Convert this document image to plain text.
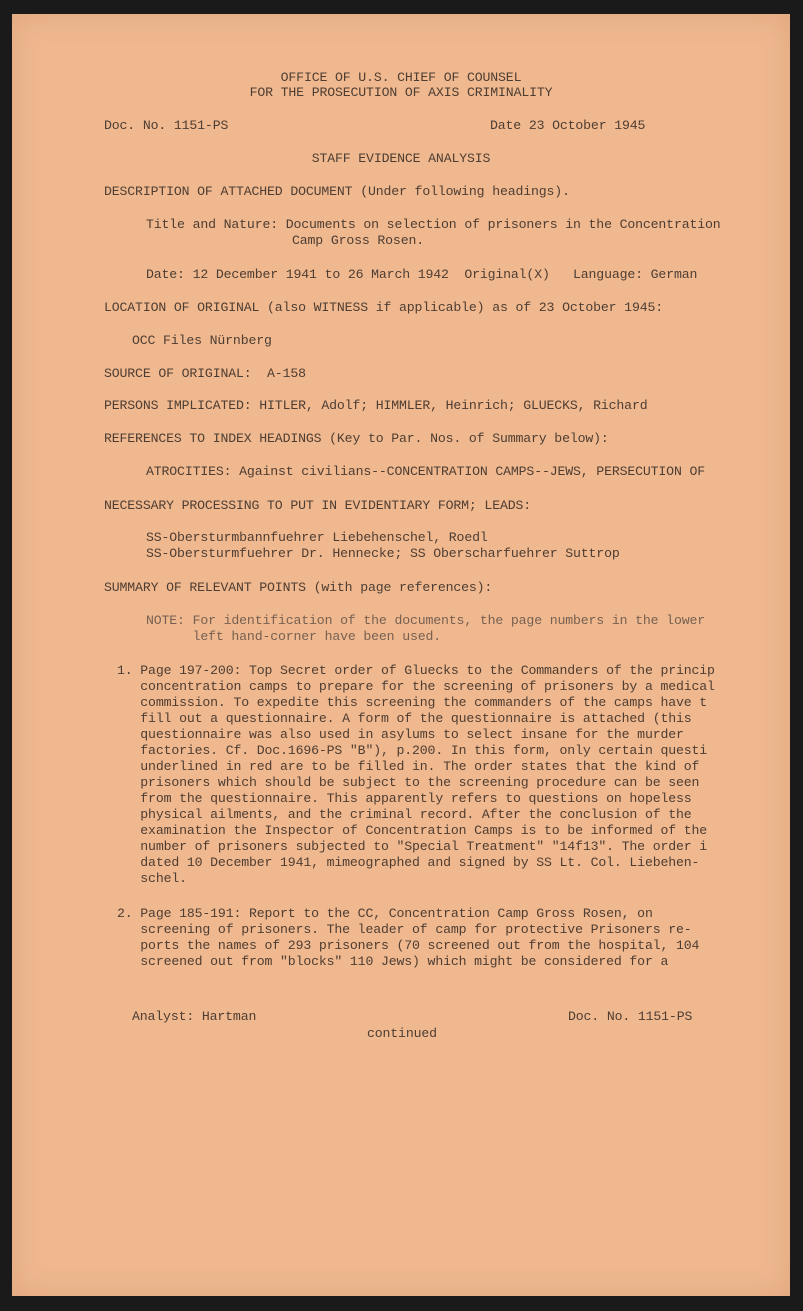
OFFICE OF U.S. CHIEF OF COUNSEL
FOR THE PROSECUTION OF AXIS CRIMINALITY
Doc. No. 1151-PS	Date 23 October 1945
STAFF EVIDENCE ANALYSIS
DESCRIPTION OF ATTACHED DOCUMENT (Under following headings).
Title and Nature: Documents on selection of prisoners in the Concentration
Camp Gross Rosen.
Date: 12 December 1941 to 26 March 1942  Original(X)   Language: German
LOCATION OF ORIGINAL (also WITNESS if applicable) as of 23 October 1945:
OCC Files Nürnberg
SOURCE OF ORIGINAL:  A-158
PERSONS IMPLICATED: HITLER, Adolf; HIMMLER, Heinrich; GLUECKS, Richard
REFERENCES TO INDEX HEADINGS (Key to Par. Nos. of Summary below):
ATROCITIES: Against civilians--CONCENTRATION CAMPS--JEWS, PERSECUTION OF
NECESSARY PROCESSING TO PUT IN EVIDENTIARY FORM; LEADS:
SS-Obersturmbannfuehrer Liebehenschel, Roedl
SS-Obersturmfuehrer Dr. Hennecke; SS Oberscharfuehrer Suttrop
SUMMARY OF RELEVANT POINTS (with page references):
NOTE: For identification of the documents, the page numbers in the lower
left hand-corner have been used.
1. Page 197-200: Top Secret order of Gluecks to the Commanders of the princip
concentration camps to prepare for the screening of prisoners by a medical
commission. To expedite this screening the commanders of the camps have t
fill out a questionnaire. A form of the questionnaire is attached (this
questionnaire was also used in asylums to select insane for the murder
factories. Cf. Doc.1696-PS "B"), p.200. In this form, only certain questi
underlined in red are to be filled in. The order states that the kind of
prisoners which should be subject to the screening procedure can be seen
from the questionnaire. This apparently refers to questions on hopeless
physical ailments, and the criminal record. After the conclusion of the
examination the Inspector of Concentration Camps is to be informed of the
number of prisoners subjected to "Special Treatment" "14f13". The order i
dated 10 December 1941, mimeographed and signed by SS Lt. Col. Liebehen-
schel.
2. Page 185-191: Report to the CC, Concentration Camp Gross Rosen, on
screening of prisoners. The leader of camp for protective Prisoners re-
ports the names of 293 prisoners (70 screened out from the hospital, 104
screened out from "blocks" 110 Jews) which might be considered for a
Analyst: Hartman	Doc. No. 1151-PS
continued
